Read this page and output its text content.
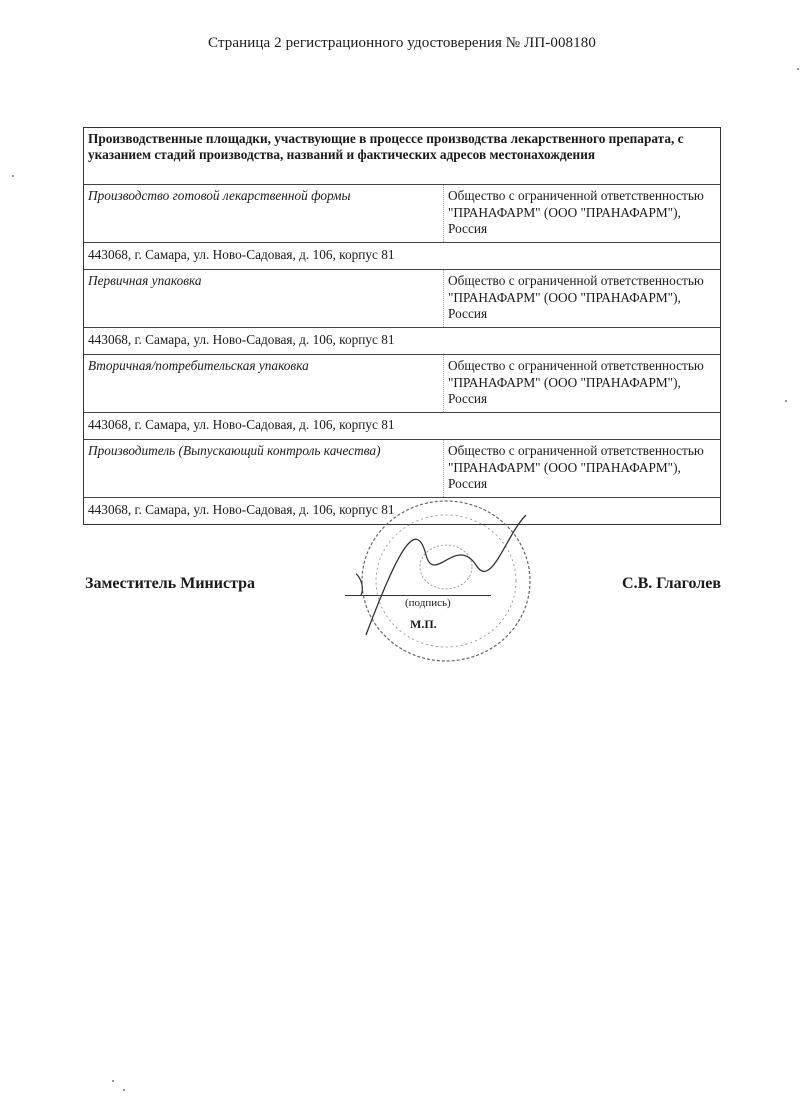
Страница 2 регистрационного удостоверения № ЛП-008180
Производственные площадки, участвующие в процессе производства лекарственного препарата, с указанием стадий производства, названий и фактических адресов местонахождения
Производство готовой лекарственной формы	Общество с ограниченной ответственностью "ПРАНАФАРМ" (ООО "ПРАНАФАРМ"), Россия
443068, г. Самара, ул. Ново-Садовая, д. 106, корпус 81
Первичная упаковка	Общество с ограниченной ответственностью "ПРАНАФАРМ" (ООО "ПРАНАФАРМ"), Россия
443068, г. Самара, ул. Ново-Садовая, д. 106, корпус 81
Вторичная/потребительская упаковка	Общество с ограниченной ответственностью "ПРАНАФАРМ" (ООО "ПРАНАФАРМ"), Россия
443068, г. Самара, ул. Ново-Садовая, д. 106, корпус 81
Производитель (Выпускающий контроль качества)	Общество с ограниченной ответственностью "ПРАНАФАРМ" (ООО "ПРАНАФАРМ"), Россия
443068, г. Самара, ул. Ново-Садовая, д. 106, корпус 81
(подпись)
М.П.
Заместитель Министра	С.В. Глаголев
